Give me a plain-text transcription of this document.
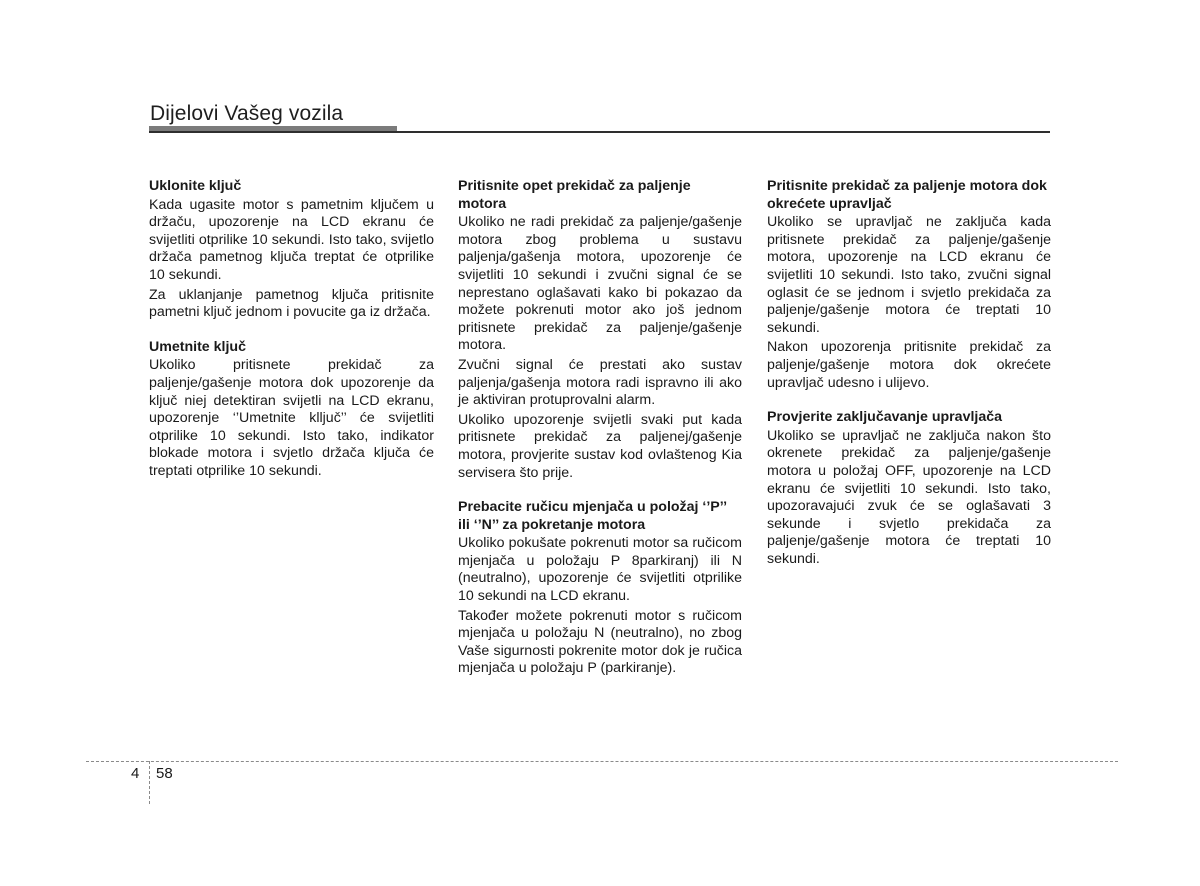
Dijelovi Vašeg vozila
Uklonite ključ
Kada ugasite motor s pametnim ključem u držaču, upozorenje na LCD ekranu će svijetliti otprilike 10 sekundi. Isto tako, svijetlo držača pametnog ključa treptat će otprilike 10 sekundi.
Za uklanjanje pametnog ključa pritisnite pametni ključ jednom i povucite ga iz držača.
Umetnite ključ
Ukoliko pritisnete prekidač za paljenje/gašenje motora dok upozorenje da ključ niej detektiran svijetli na LCD ekranu, upozorenje ‘’Umetnite klljuč’’ će svijetliti otprilike 10 sekundi. Isto tako, indikator blokade motora i svjetlo držača ključa će treptati otprilike 10 sekundi.
Pritisnite opet prekidač za paljenje motora
Ukoliko ne radi prekidač za paljenje/gašenje motora zbog problema u sustavu paljenja/gašenja motora, upozorenje će svijetliti 10 sekundi i zvučni signal će se neprestano oglašavati kako bi pokazao da možete pokrenuti motor ako još jednom pritisnete prekidač za paljenje/gašenje motora.
Zvučni signal će prestati ako sustav paljenja/gašenja motora radi ispravno ili ako je aktiviran protuprovalni alarm.
Ukoliko upozorenje svijetli svaki put kada pritisnete prekidač za paljenej/gašenje motora, provjerite sustav kod ovlaštenog Kia servisera što prije.
Prebacite ručicu mjenjača u položaj ‘’P’’ ili ‘’N’’ za pokretanje motora
Ukoliko pokušate pokrenuti motor sa ručicom mjenjača u položaju P 8parkiranj) ili N (neutralno), upozorenje će svijetliti otprilike 10 sekundi na LCD ekranu.
Također možete pokrenuti motor s ručicom mjenjača u položaju N (neutralno), no zbog Vaše sigurnosti pokrenite motor dok je ručica mjenjača u položaju P (parkiranje).
Pritisnite prekidač za paljenje motora dok okrećete upravljač
Ukoliko se upravljač ne zaključa kada pritisnete prekidač za paljenje/gašenje motora, upozorenje na LCD ekranu će svijetliti 10 sekundi. Isto tako, zvučni signal oglasit će se jednom i svjetlo prekidača za paljenje/gašenje motora će treptati 10 sekundi.
Nakon upozorenja pritisnite prekidač za paljenje/gašenje motora dok okrećete upravljač udesno i ulijevo.
Provjerite zaključavanje upravljača
Ukoliko se upravljač ne zaključa nakon što okrenete prekidač za paljenje/gašenje motora u položaj OFF, upozorenje na LCD ekranu će svijetliti 10 sekundi. Isto tako, upozoravajući zvuk će se oglašavati 3 sekunde i svjetlo prekidača za paljenje/gašenje motora će treptati 10 sekundi.
4 58
